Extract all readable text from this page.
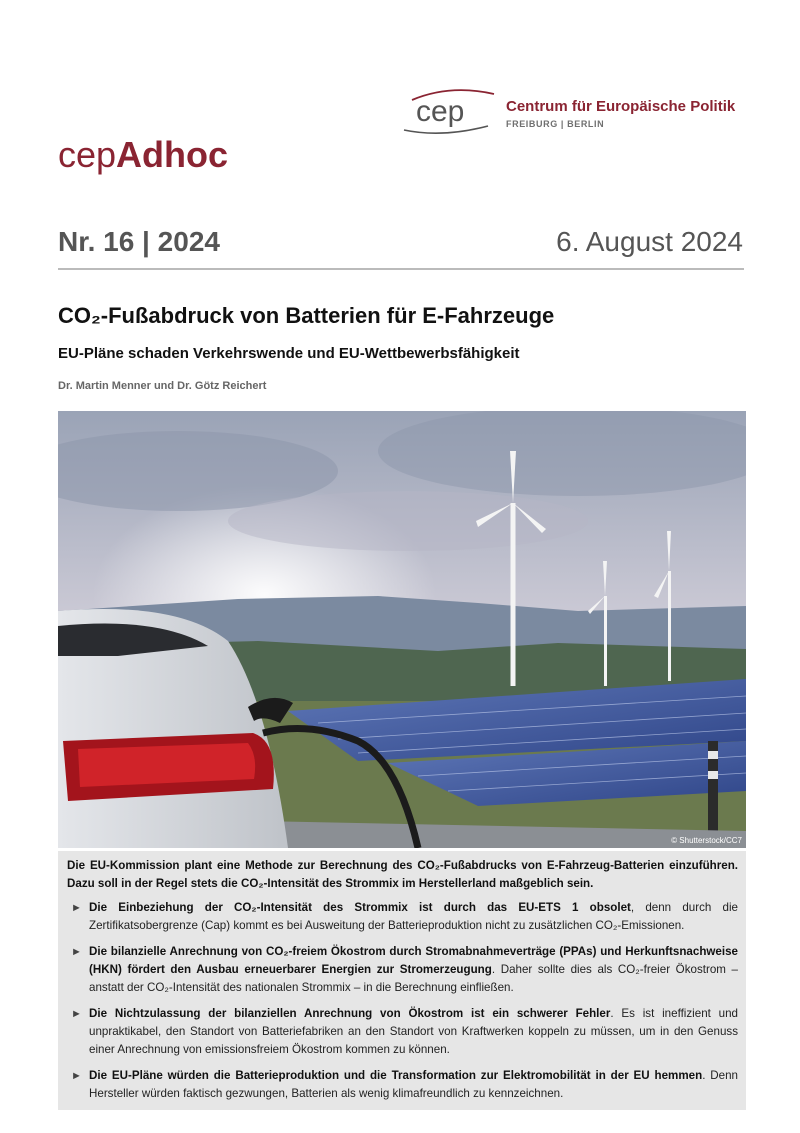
cep	Centrum für Europäische Politik
FREIBURG | BERLIN
cepAdhoc
Nr. 16 | 2024	6. August 2024
CO₂-Fußabdruck von Batterien für E-Fahrzeuge
EU-Pläne schaden Verkehrswende und EU-Wettbewerbsfähigkeit
Dr. Martin Menner und Dr. Götz Reichert
© Shutterstock/CC7

Die EU-Kommission plant eine Methode zur Berechnung des CO₂-Fußabdrucks von E-Fahrzeug-Batterien einzuführen. Dazu soll in der Regel stets die CO₂-Intensität des Strommix im Herstellerland maßgeblich sein.

► Die Einbeziehung der CO₂-Intensität des Strommix ist durch das EU-ETS 1 obsolet, denn durch die Zertifikatsobergrenze (Cap) kommt es bei Ausweitung der Batterieproduktion nicht zu zusätzlichen CO₂-Emissionen.
► Die bilanzielle Anrechnung von CO₂-freiem Ökostrom durch Stromabnahmeverträge (PPAs) und Herkunftsnachweise (HKN) fördert den Ausbau erneuerbarer Energien zur Stromerzeugung. Daher sollte dies als CO₂-freier Ökostrom – anstatt der CO₂-Intensität des nationalen Strommix – in die Berechnung einfließen.
► Die Nichtzulassung der bilanziellen Anrechnung von Ökostrom ist ein schwerer Fehler. Es ist ineffizient und unpraktikabel, den Standort von Batteriefabriken an den Standort von Kraftwerken koppeln zu müssen, um in den Genuss einer Anrechnung von emissionsfreiem Ökostrom kommen zu können.
► Die EU-Pläne würden die Batterieproduktion und die Transformation zur Elektromobilität in der EU hemmen. Denn Hersteller würden faktisch gezwungen, Batterien als wenig klimafreundlich zu kennzeichnen.
